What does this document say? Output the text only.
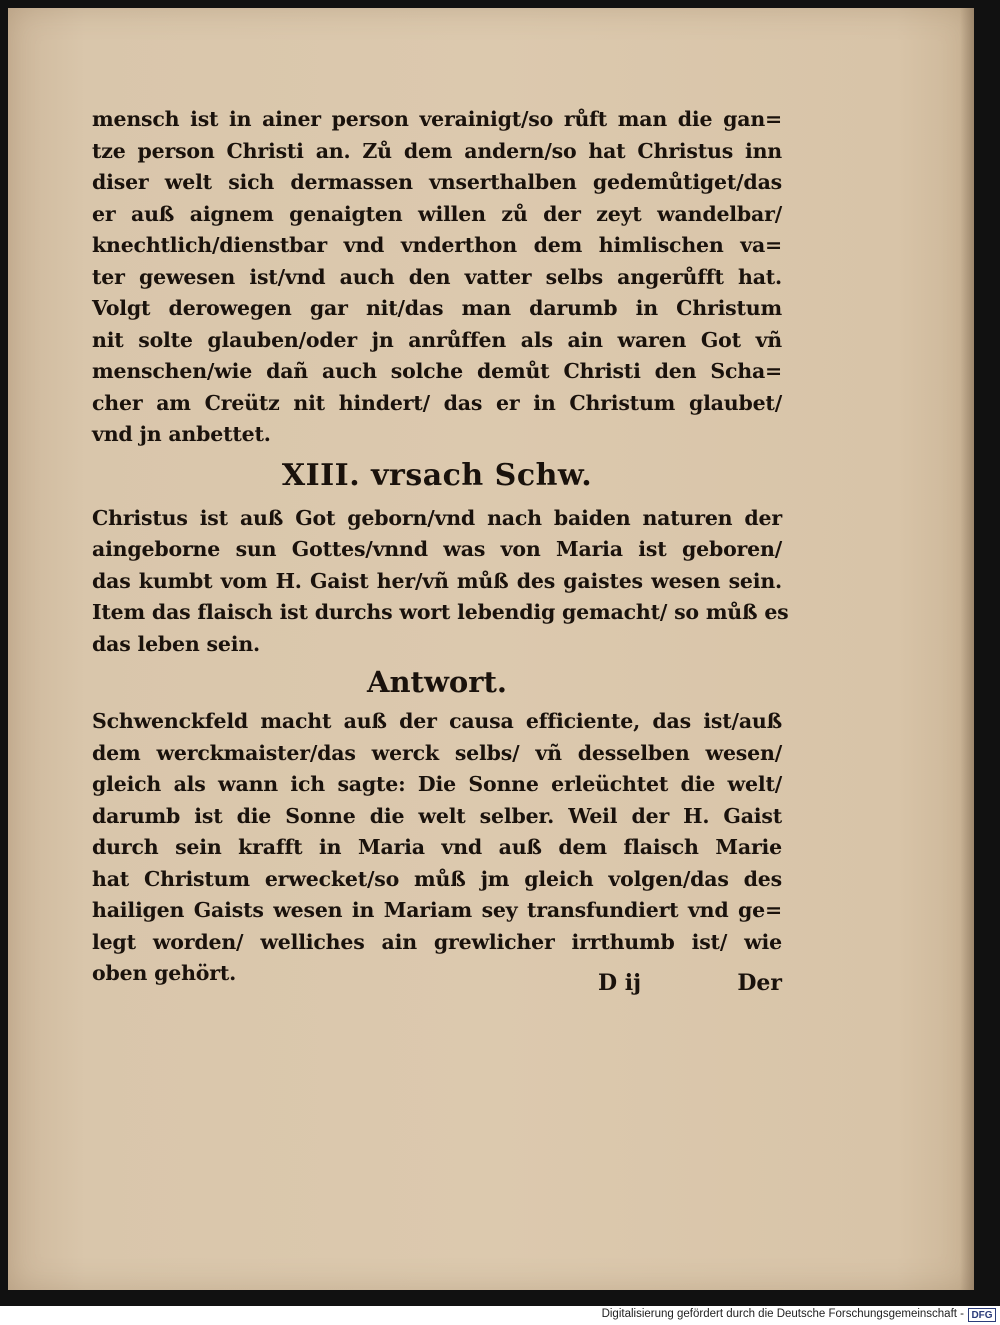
mensch ist in ainer person verainigt/so růft man die gan=
tze person Christi an. Zů dem andern/so hat Christus inn
diser welt sich dermassen vnserthalben gedemůtiget/das
er auß aignem genaigten willen zů der zeyt wandelbar/
knechtlich/dienstbar vnd vnderthon dem himlischen va=
ter gewesen ist/vnd auch den vatter selbs angerůfft hat.
Volgt derowegen gar nit/das man darumb in Christum
nit solte glauben/oder jn anrůffen als ain waren Got vñ
menschen/wie dañ auch solche demůt Christi den Scha=
cher am Creütz nit hindert/ das er in Christum glaubet/
vnd jn anbettet.
XIII. vrsach Schw.
Christus ist auß Got geborn/vnd nach baiden naturen der
aingeborne sun Gottes/vnnd was von Maria ist geboren/
das kumbt vom H. Gaist her/vñ můß des gaistes wesen sein.
Item das flaisch ist durchs wort lebendig gemacht/ so můß es
das leben sein.
Antwort.
Schwenckfeld macht auß der causa efficiente, das ist/auß
dem werckmaister/das werck selbs/ vñ desselben wesen/
gleich als wann ich sagte: Die Sonne erleüchtet die welt/
darumb ist die Sonne die welt selber. Weil der H. Gaist
durch sein krafft in Maria vnd auß dem flaisch Marie
hat Christum erwecket/so můß jm gleich volgen/das des
hailigen Gaists wesen in Mariam sey transfundiert vnd ge=
legt worden/ welliches ain grewlicher irrthumb ist/ wie
oben gehört.	D ij	Der
Digitalisierung gefördert durch die Deutsche Forschungsgemeinschaft - DFG
